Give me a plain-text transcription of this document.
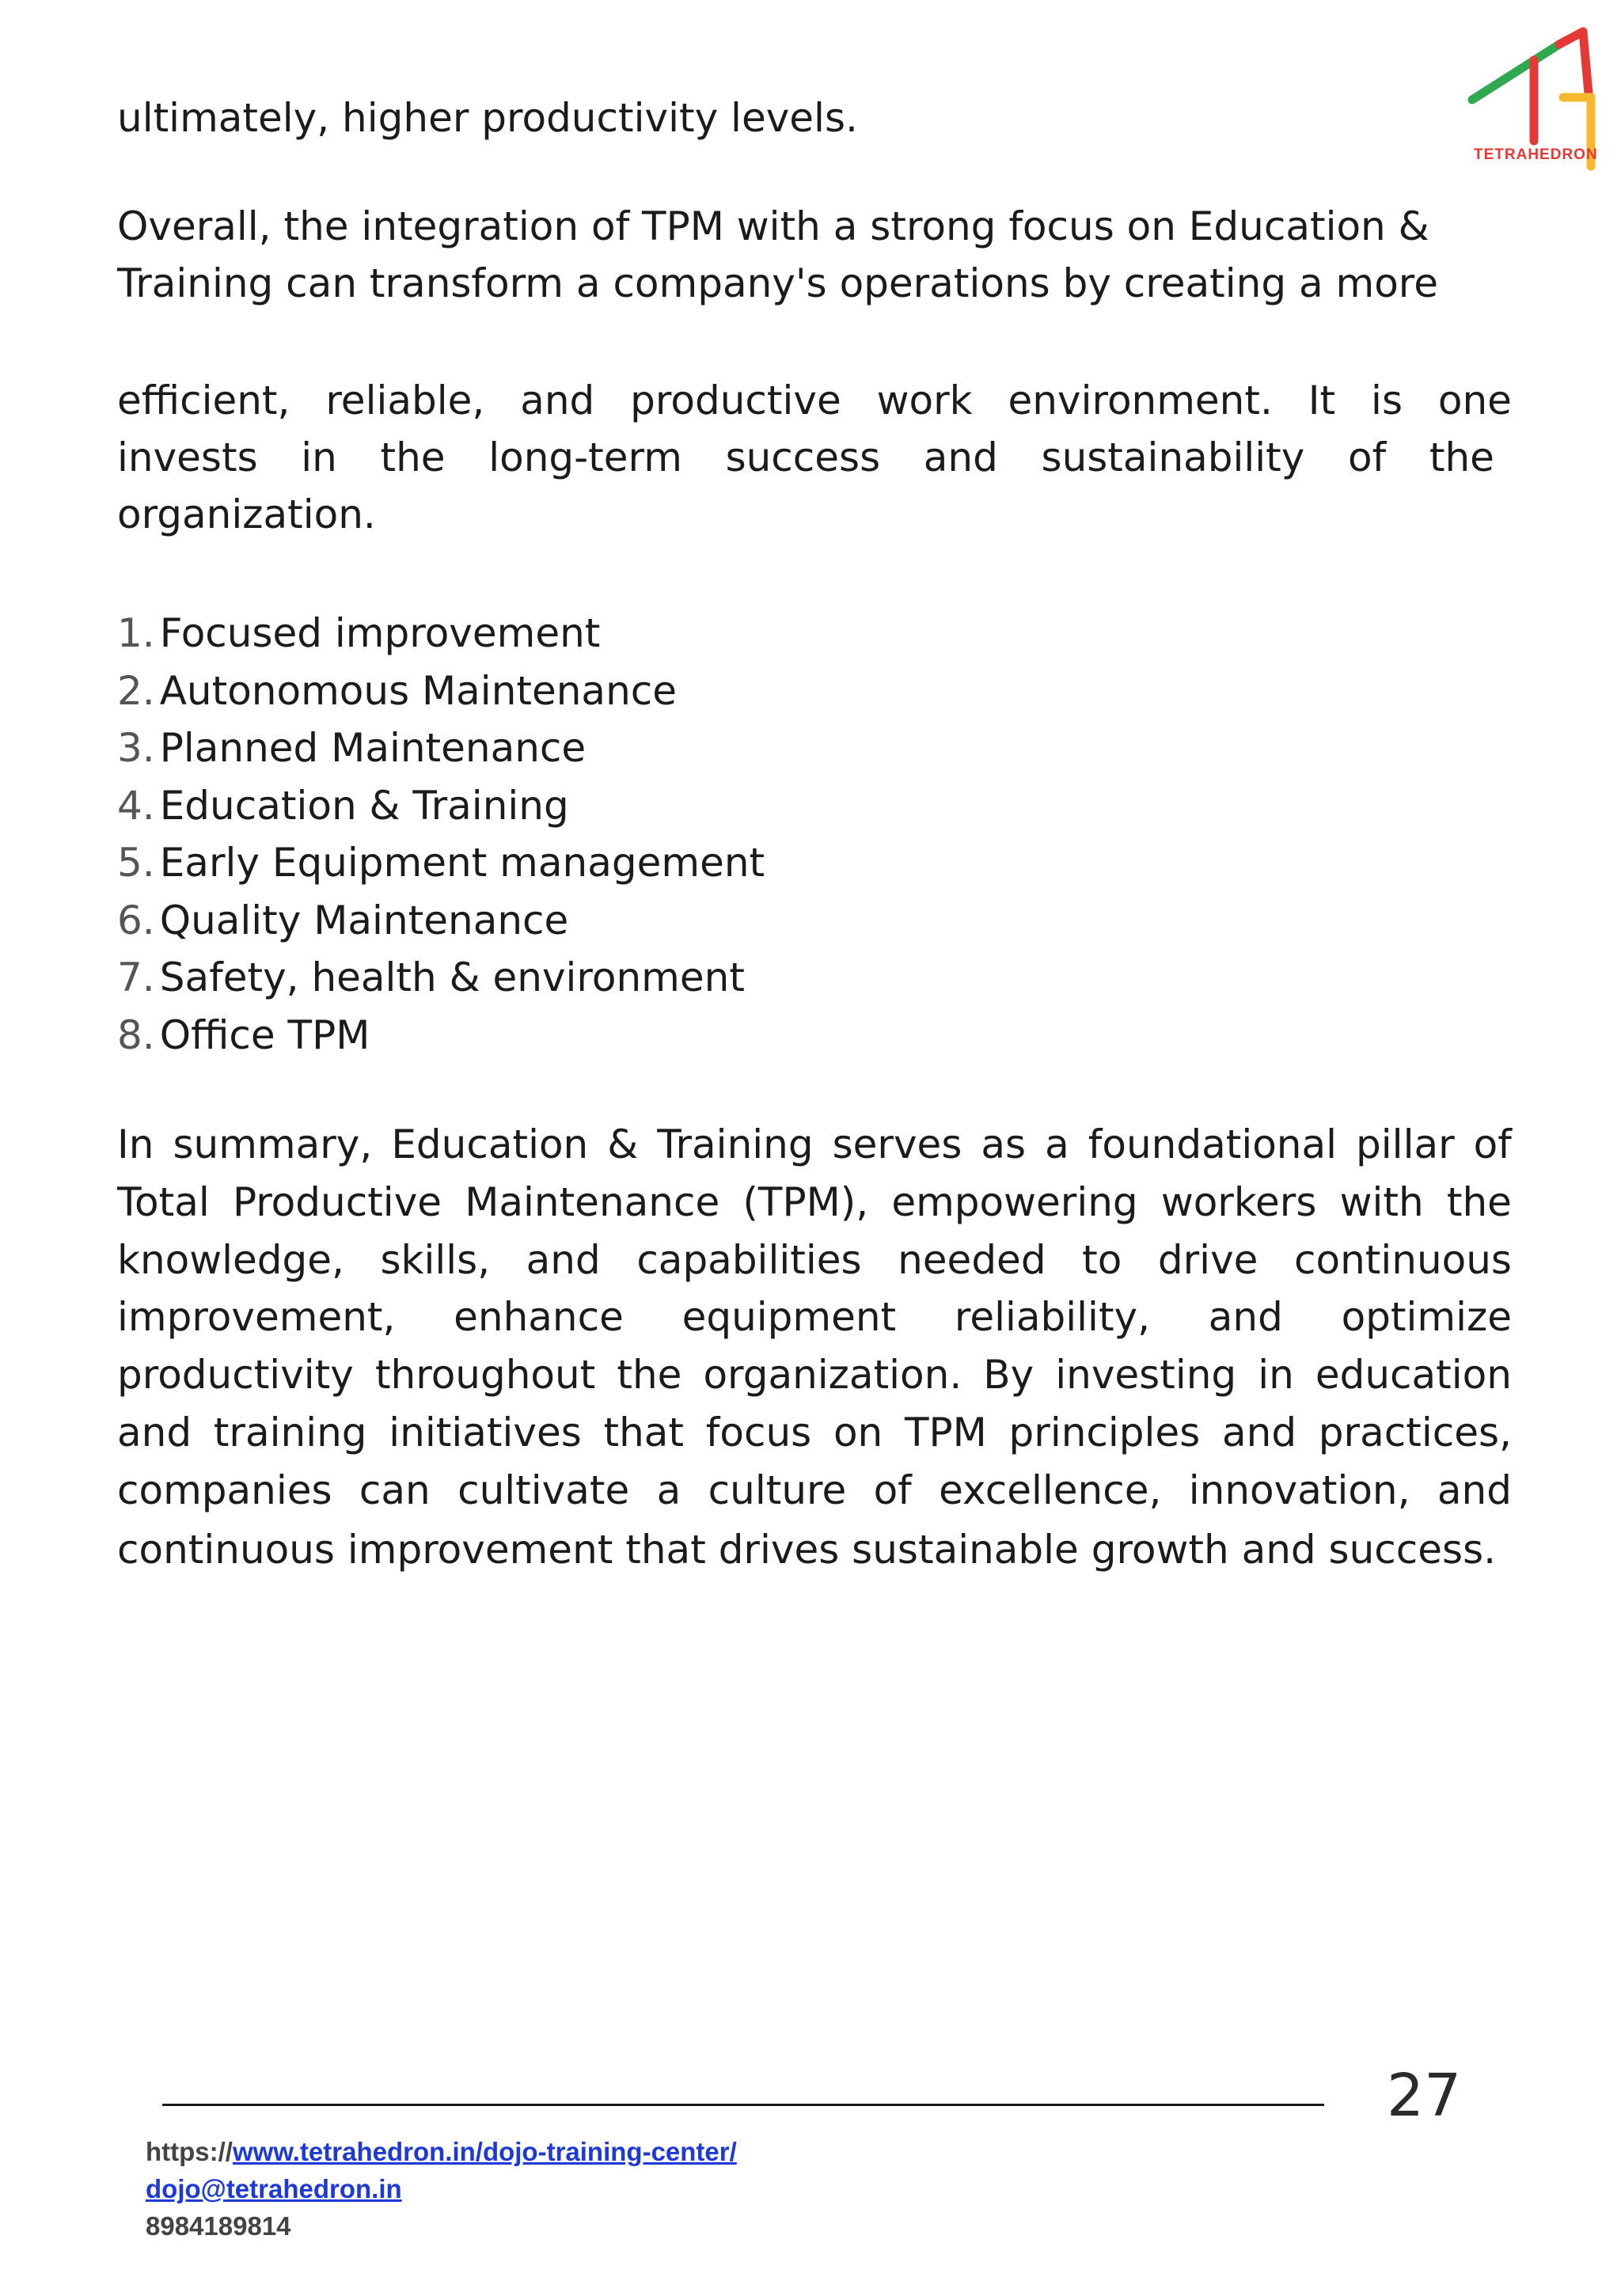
TETRAHEDRON
ultimately, higher productivity levels.
Overall, the integration of TPM with a strong focus on Education &
Training can transform a company's operations by creating a more
efficient, reliable, and productive work environment. It is one
invests in the long-term success and sustainability of the
organization.
1. Focused improvement
2. Autonomous Maintenance
3. Planned Maintenance
4. Education & Training
5. Early Equipment management
6. Quality Maintenance
7. Safety, health & environment
8. Office TPM
In summary, Education & Training serves as a foundational pillar of
Total Productive Maintenance (TPM), empowering workers with the
knowledge, skills, and capabilities needed to drive continuous
improvement, enhance equipment reliability, and optimize
productivity throughout the organization. By investing in education
and training initiatives that focus on TPM principles and practices,
companies can cultivate a culture of excellence, innovation, and
continuous improvement that drives sustainable growth and success.
27
https://www.tetrahedron.in/dojo-training-center/
dojo@tetrahedron.in
8984189814
